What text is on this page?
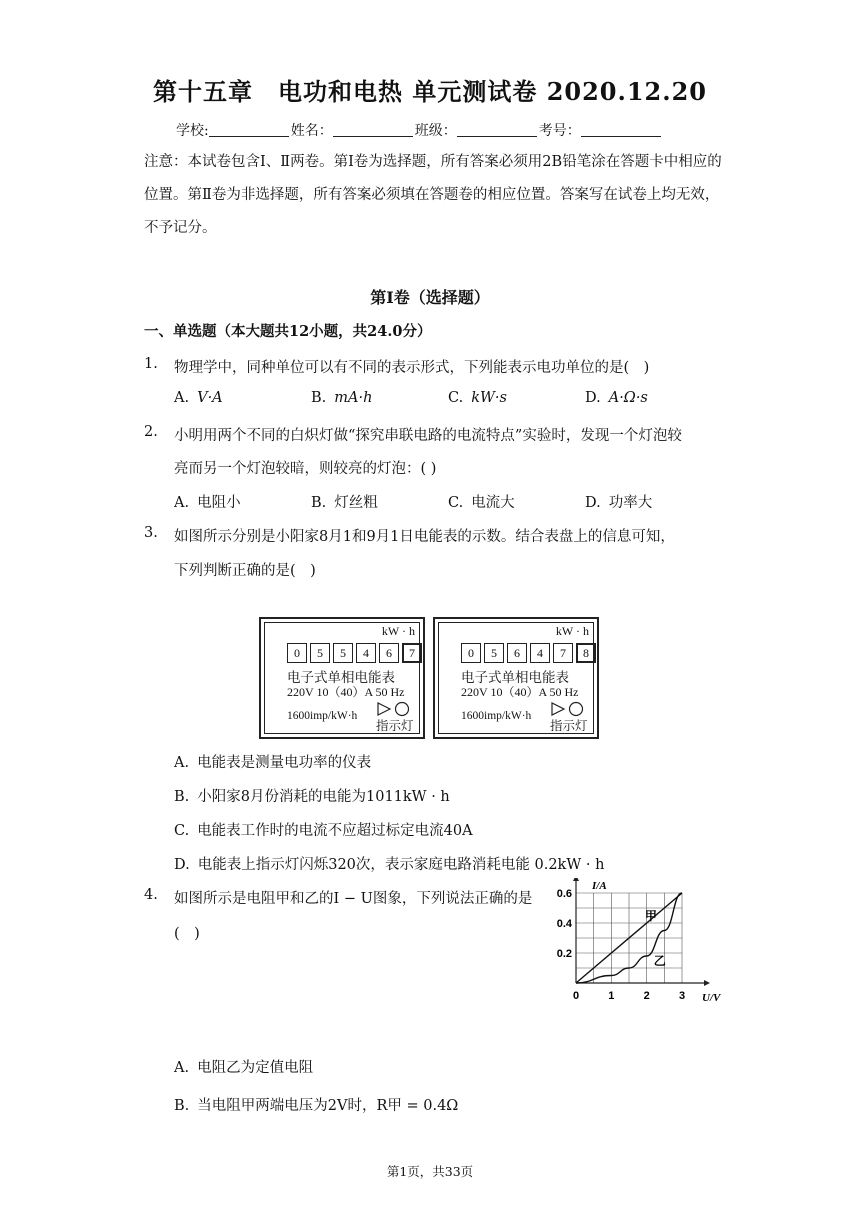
第十五章　电功和电热 单元测试卷 2020.12.20
学校:	姓名：	班级：	考号：
注意：本试卷包含Ⅰ、Ⅱ两卷。第Ⅰ卷为选择题，所有答案必须用2B铅笔涂在答题卡中相应的位置。第Ⅱ卷为非选择题，所有答案必须填在答题卷的相应位置。答案写在试卷上均无效，不予记分。
第Ⅰ卷（选择题）
一、单选题（本大题共12小题，共24.0分）
1. 物理学中，同种单位可以有不同的表示形式，下列能表示电功单位的是(　)
A. V·A	B. mA·h	C. kW·s	D. A·Ω·s
2. 小明用两个不同的白炽灯做“探究串联电路的电流特点”实验时，发现一个灯泡较
亮而另一个灯泡较暗，则较亮的灯泡：( )
A. 电阻小	B. 灯丝粗	C. 电流大	D. 功率大
3. 如图所示分别是小阳家8月1和9月1日电能表的示数。结合表盘上的信息可知，
下列判断正确的是(　)
kW · h
0	5	5	4	6	7
电子式单相电能表
220V 10（40）A 50 Hz
1600imp/kW·h
指示灯
kW · h
0	5	6	4	7	8
电子式单相电能表
220V 10（40）A 50 Hz
1600imp/kW·h
指示灯
A. 电能表是测量电功率的仪表
B. 小阳家8月份消耗的电能为1011kW · h
C. 电能表工作时的电流不应超过标定电流40A
D. 电能表上指示灯闪烁320次，表示家庭电路消耗电能 0.2kW · h
4. 如图所示是电阻甲和乙的I − U图象，下列说法正确的是
(　)
0	1	2	3
0.2
0.4
0.6
I/A
U/V
甲
乙
A. 电阻乙为定值电阻
B. 当电阻甲两端电压为2V时，R甲 = 0.4Ω
第1页，共33页
